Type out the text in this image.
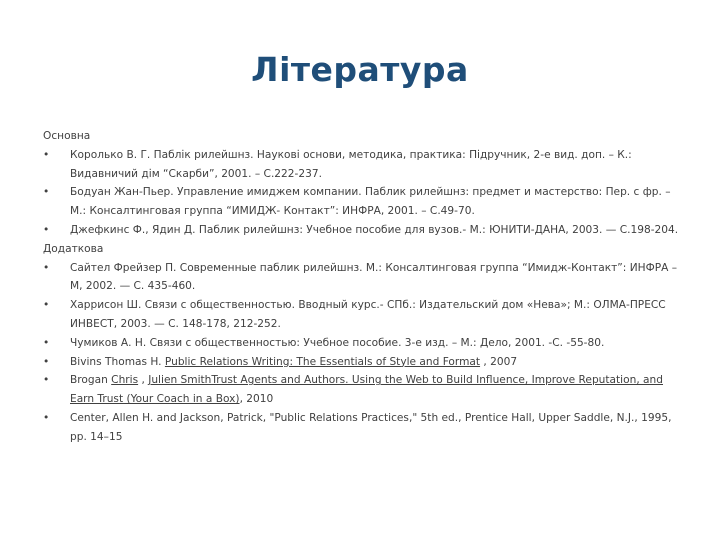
Література
Основна
• Королько В. Г. Паблік рилейшнз. Наукові основи, методика, практика: Підручник, 2-е вид. доп. – К.: Видавничий дім “Скарби”, 2001. – С.222-237.
• Бодуан Жан-Пьер. Управление имиджем компании. Паблик рилейшнз: предмет и мастерство: Пер. с фр. – М.: Консалтинговая группа “ИМИДЖ- Контакт”: ИНФРА, 2001. – С.49-70.
• Джефкинс Ф., Ядин Д. Паблик рилейшнз: Учебное пособие для вузов.- М.: ЮНИТИ-ДАНА, 2003. — С.198-204.
Додаткова
• Сайтел Фрейзер П. Современные паблик рилейшнз. М.: Консалтинговая группа “Имидж-Контакт”: ИНФРА – М, 2002. — С. 435-460.
• Харрисон Ш. Связи с общественностью. Вводный курс.- СПб.: Издательский дом «Нева»; М.: ОЛМА-ПРЕСС ИНВЕСТ, 2003. — С. 148-178, 212-252.
• Чумиков А. Н. Связи с общественностью: Учебное пособие. 3-е изд. – М.: Дело, 2001. -С. -55-80.
• Bivins Thomas H. Public Relations Writing: The Essentials of Style and Format , 2007
• Brogan Chris , Julien SmithTrust Agents and Authors. Using the Web to Build Influence, Improve Reputation, and Earn Trust (Your Coach in a Box), 2010
• Center, Allen H. and Jackson, Patrick, "Public Relations Practices," 5th ed., Prentice Hall, Upper Saddle, N.J., 1995, pp. 14–15
